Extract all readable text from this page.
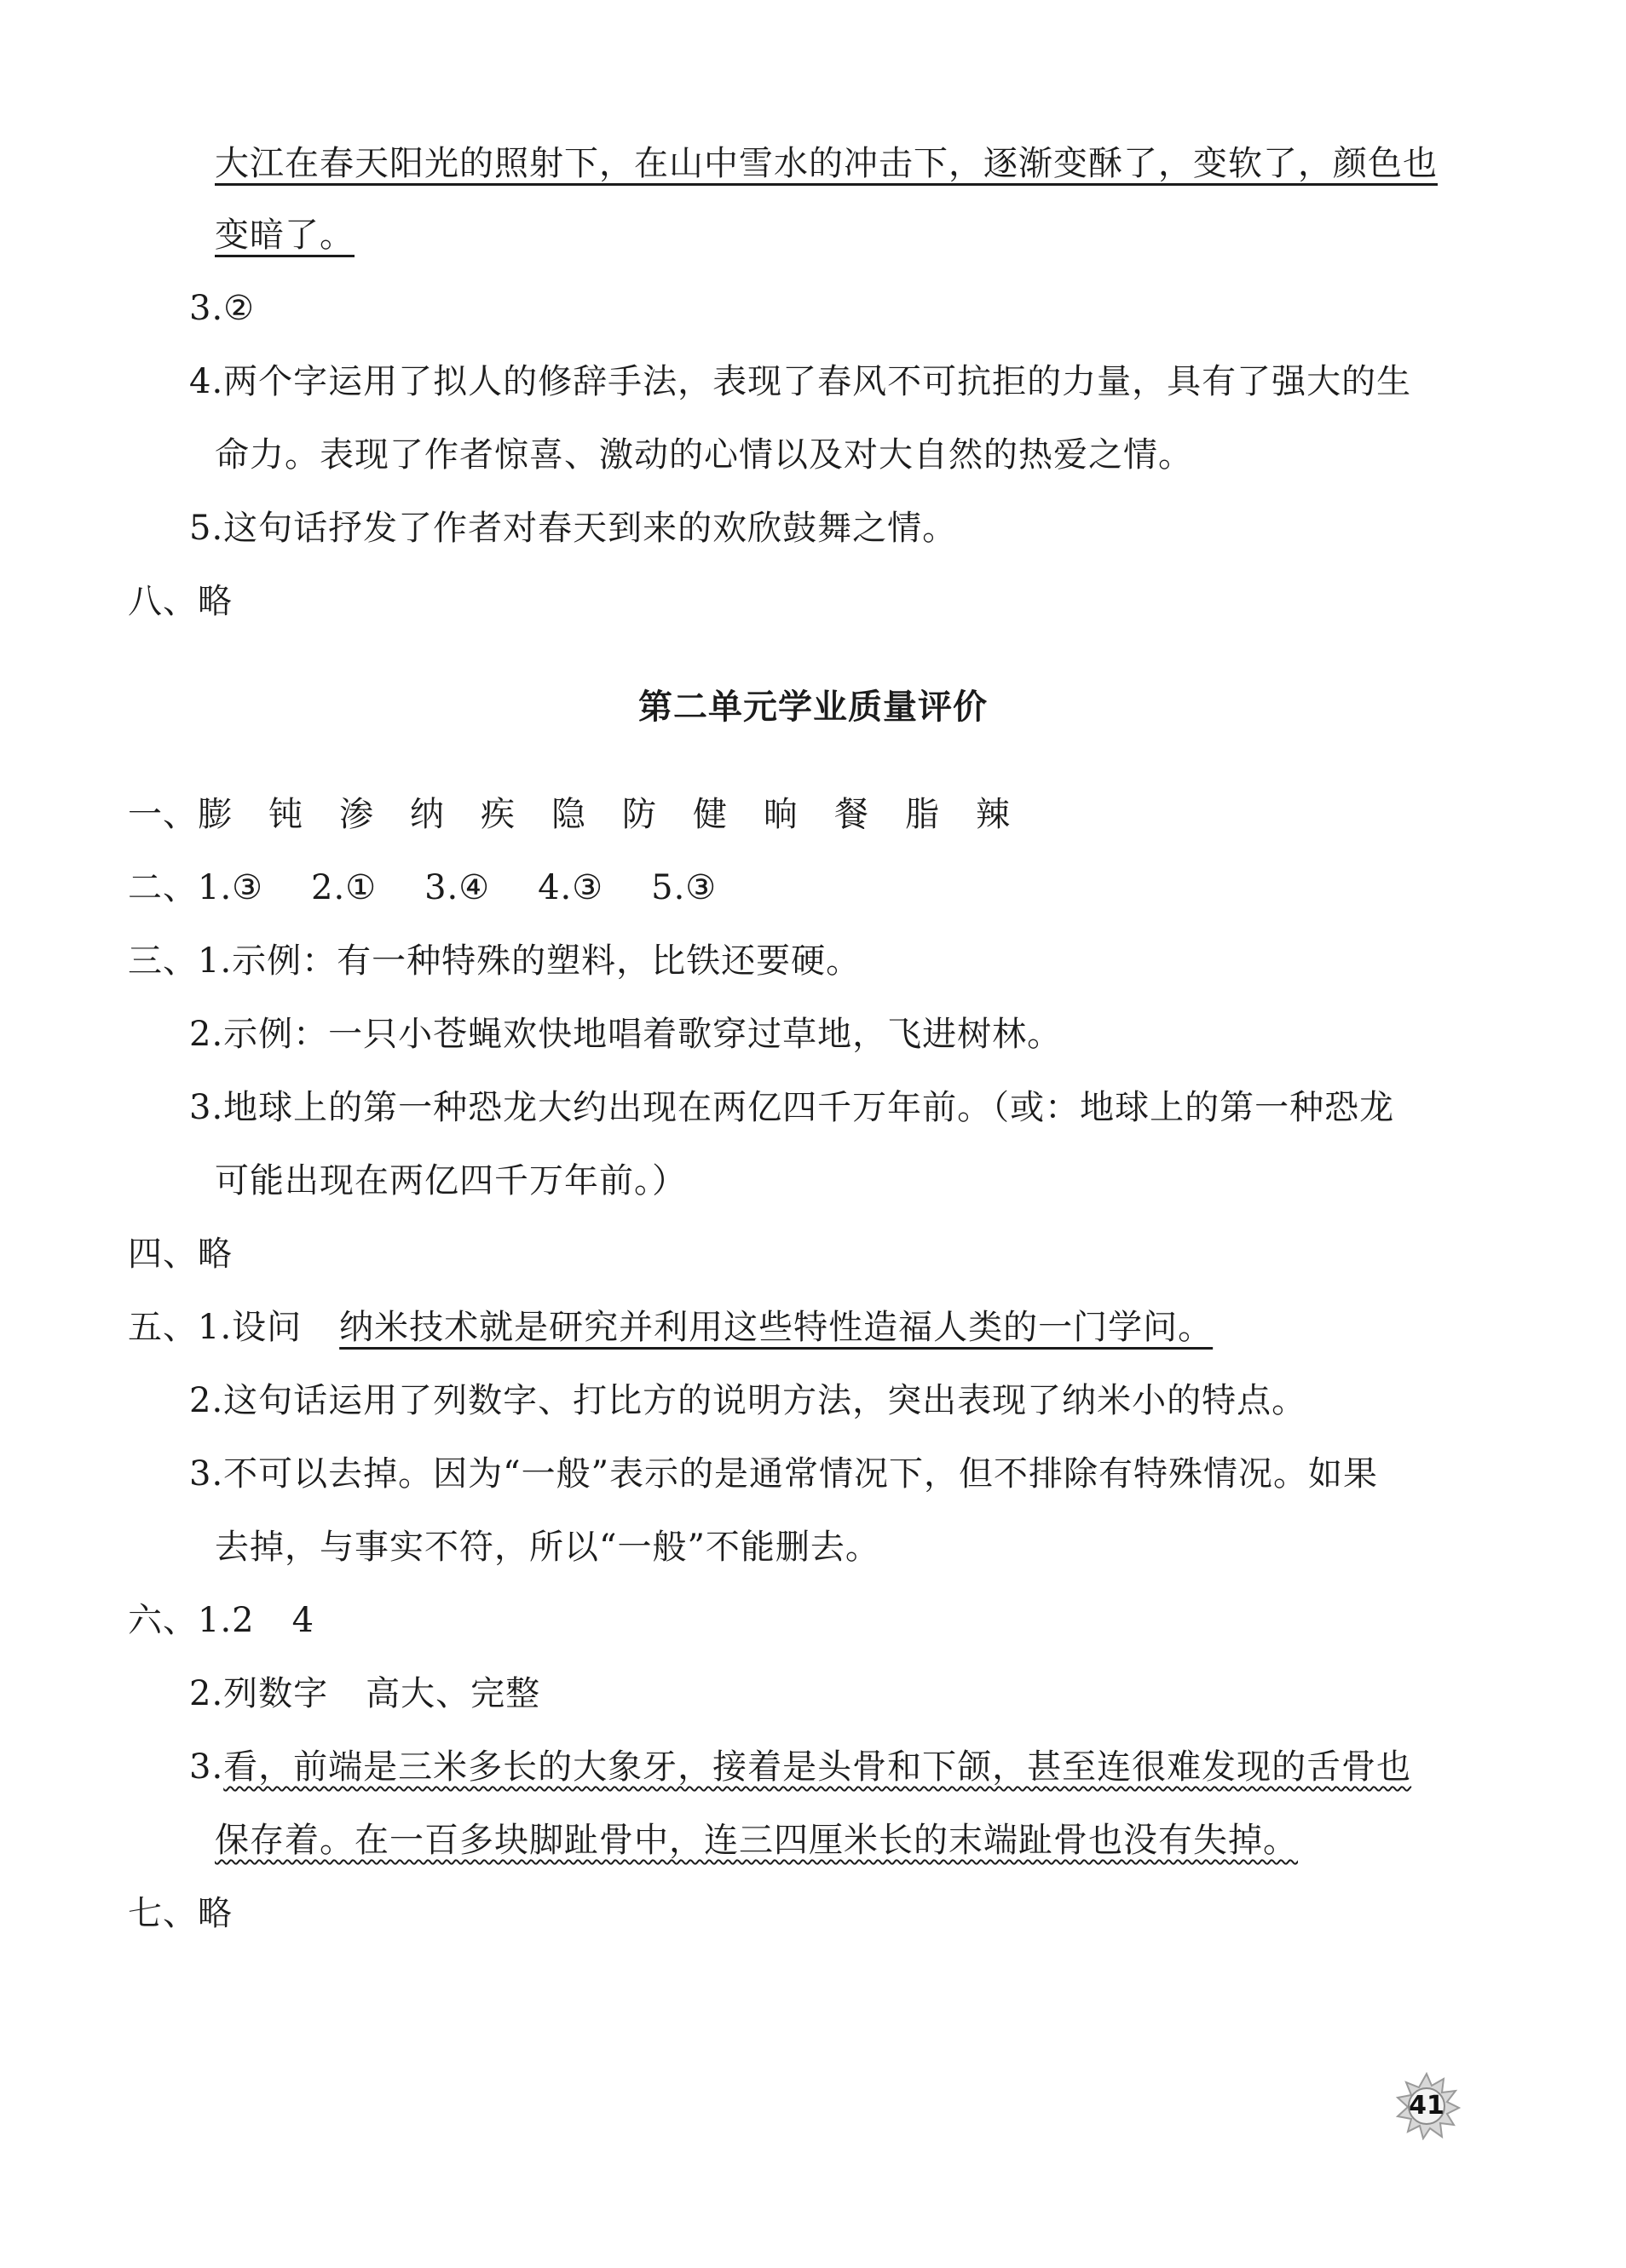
大江在春天阳光的照射下，在山中雪水的冲击下，逐渐变酥了，变软了，颜色也
变暗了。
3.②
4.两个字运用了拟人的修辞手法，表现了春风不可抗拒的力量，具有了强大的生
命力。表现了作者惊喜、激动的心情以及对大自然的热爱之情。
5.这句话抒发了作者对春天到来的欢欣鼓舞之情。
八、略
第二单元学业质量评价
一、膨 钝 渗 纳 疾 隐 防 健 晌 餐 脂 辣
二、1.③ 2.① 3.④ 4.③ 5.③
三、1.示例：有一种特殊的塑料，比铁还要硬。
2.示例：一只小苍蝇欢快地唱着歌穿过草地，飞进树林。
3.地球上的第一种恐龙大约出现在两亿四千万年前。（或：地球上的第一种恐龙
可能出现在两亿四千万年前。）
四、略
五、1.设问 纳米技术就是研究并利用这些特性造福人类的一门学问。
2.这句话运用了列数字、打比方的说明方法，突出表现了纳米小的特点。
3.不可以去掉。因为“一般”表示的是通常情况下，但不排除有特殊情况。如果
去掉，与事实不符，所以“一般”不能删去。
六、1.2 4
2.列数字 高大、完整
3.看，前端是三米多长的大象牙，接着是头骨和下颌，甚至连很难发现的舌骨也
保存着。在一百多块脚趾骨中，连三四厘米长的末端趾骨也没有失掉。
七、略
41
